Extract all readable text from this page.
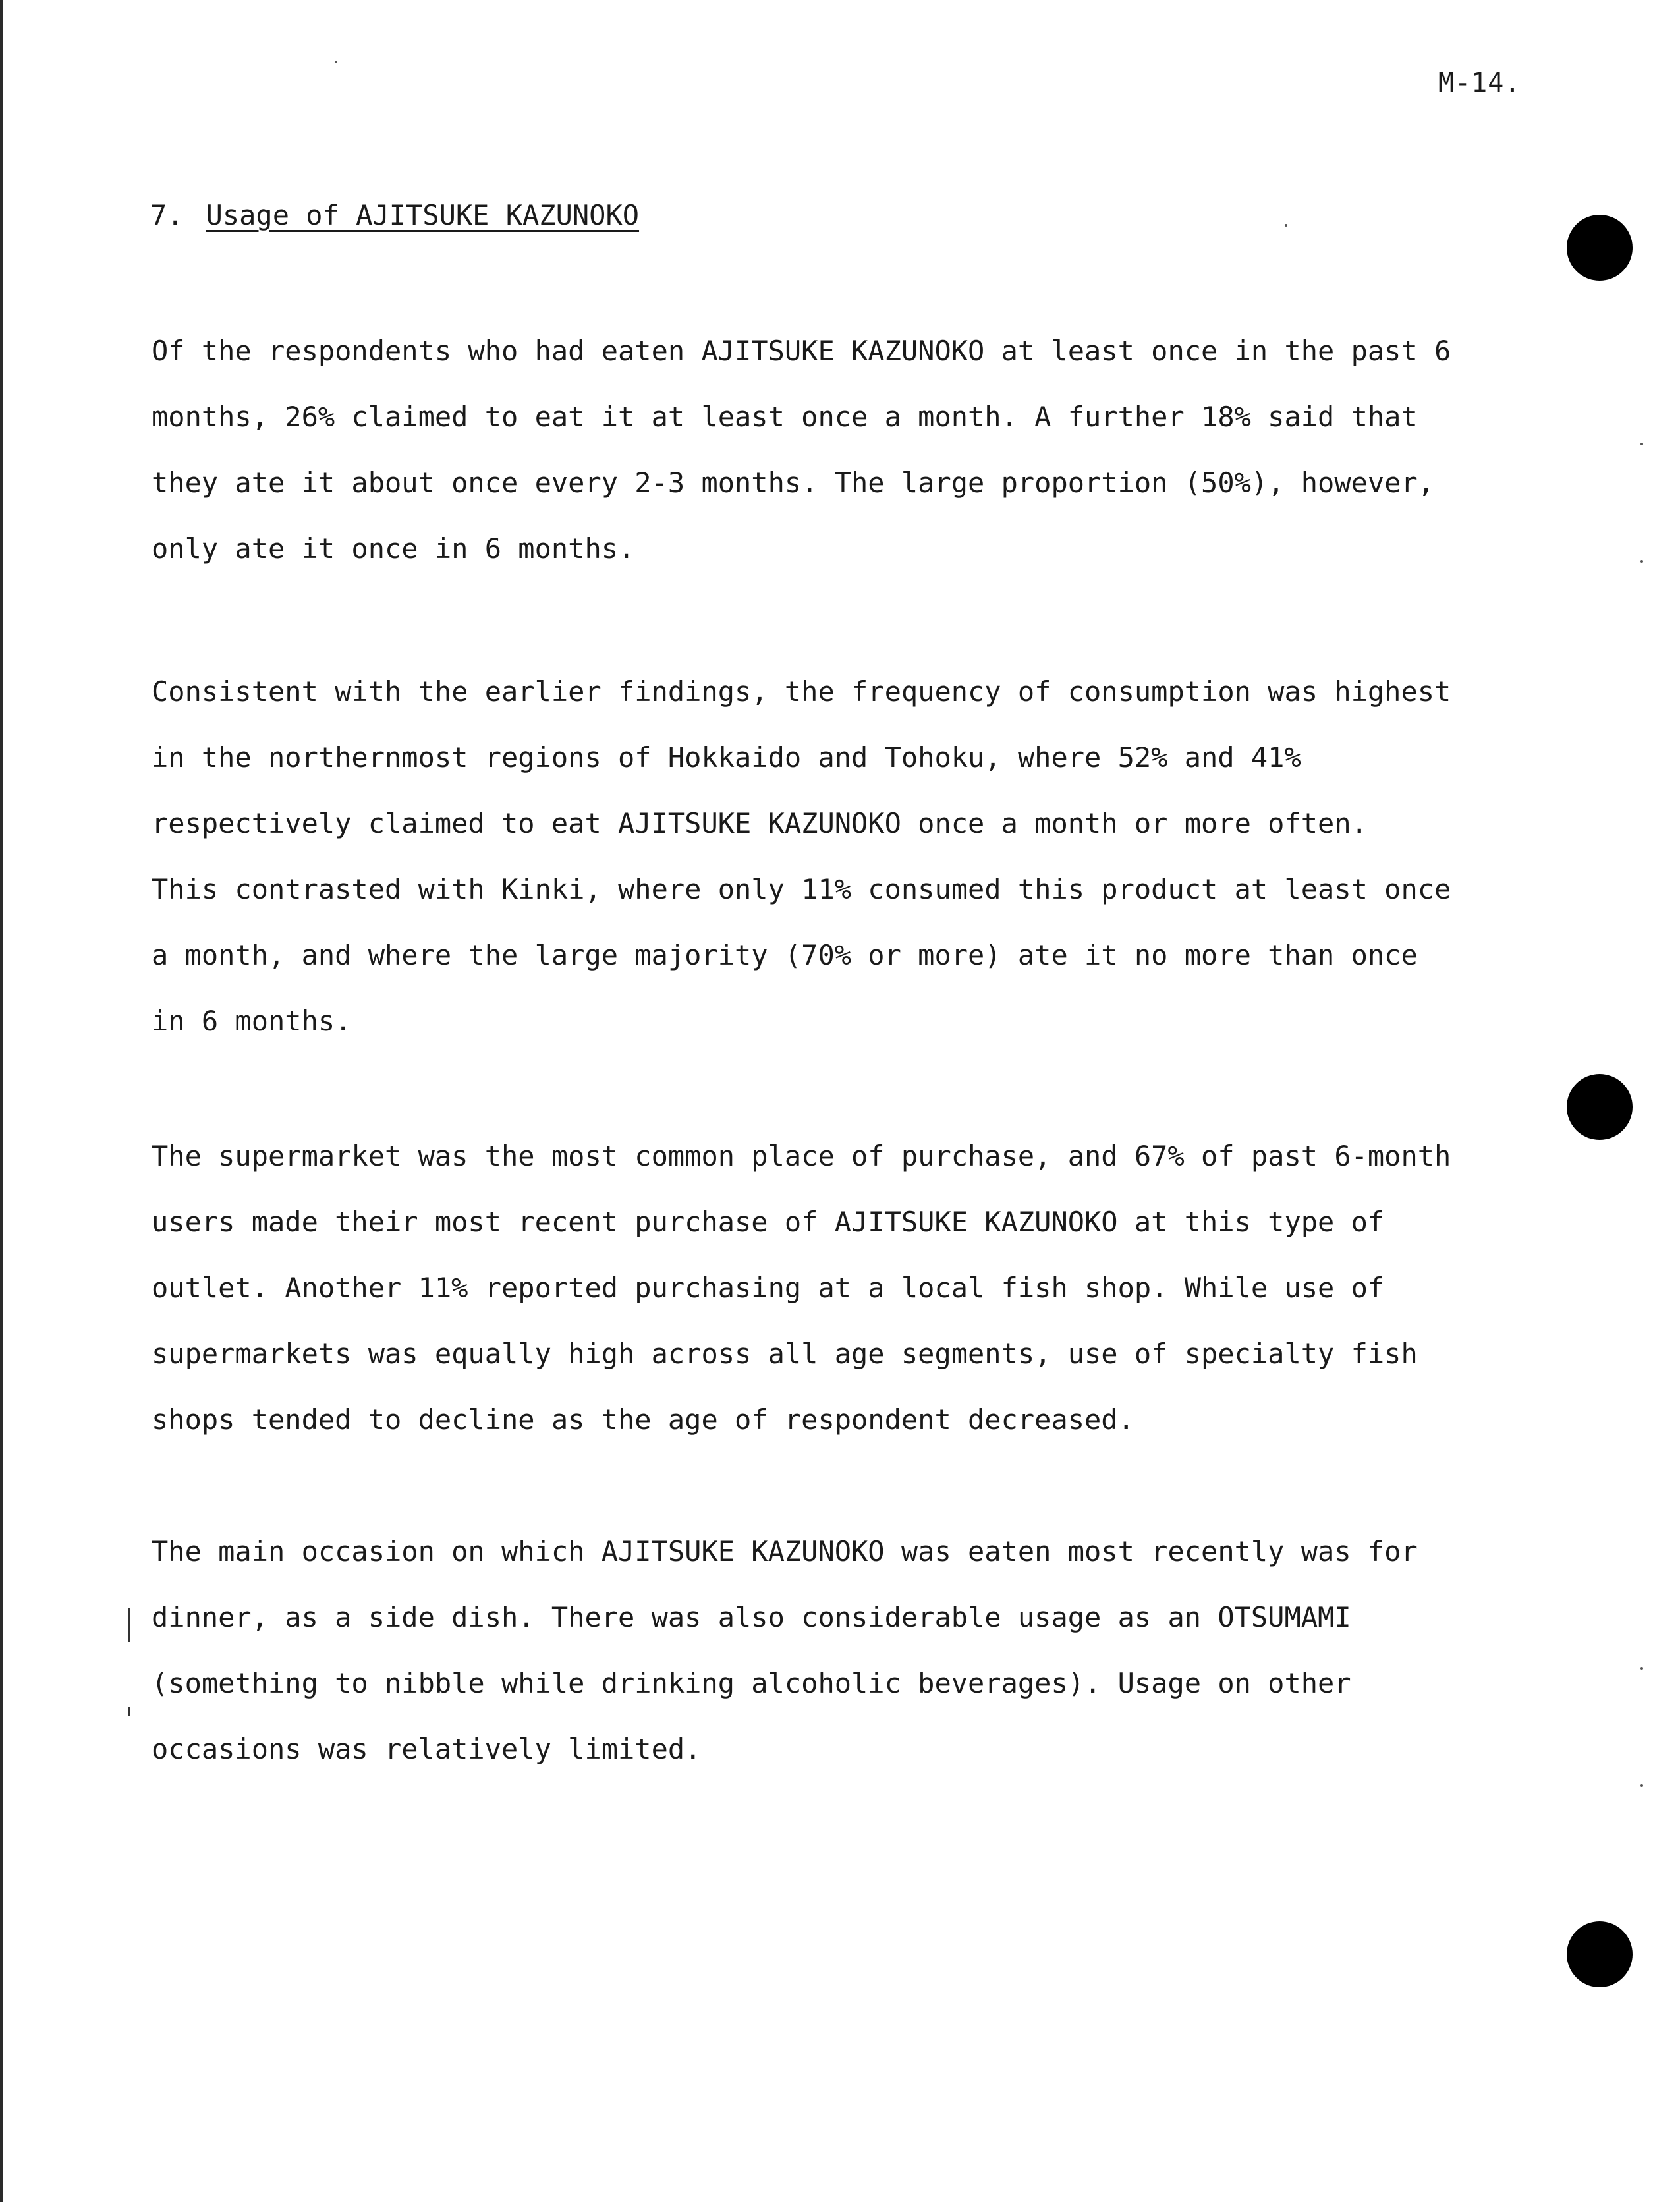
M-14.
7. Usage of AJITSUKE KAZUNOKO
Of the respondents who had eaten AJITSUKE KAZUNOKO at least once in the past 6
months, 26% claimed to eat it at least once a month. A further 18% said that
they ate it about once every 2-3 months. The large proportion (50%), however,
only ate it once in 6 months.
Consistent with the earlier findings, the frequency of consumption was highest
in the northernmost regions of Hokkaido and Tohoku, where 52% and 41%
respectively claimed to eat AJITSUKE KAZUNOKO once a month or more often.
This contrasted with Kinki, where only 11% consumed this product at least once
a month, and where the large majority (70% or more) ate it no more than once
in 6 months.
The supermarket was the most common place of purchase, and 67% of past 6-month
users made their most recent purchase of AJITSUKE KAZUNOKO at this type of
outlet. Another 11% reported purchasing at a local fish shop. While use of
supermarkets was equally high across all age segments, use of specialty fish
shops tended to decline as the age of respondent decreased.
The main occasion on which AJITSUKE KAZUNOKO was eaten most recently was for
dinner, as a side dish. There was also considerable usage as an OTSUMAMI
(something to nibble while drinking alcoholic beverages). Usage on other
occasions was relatively limited.
